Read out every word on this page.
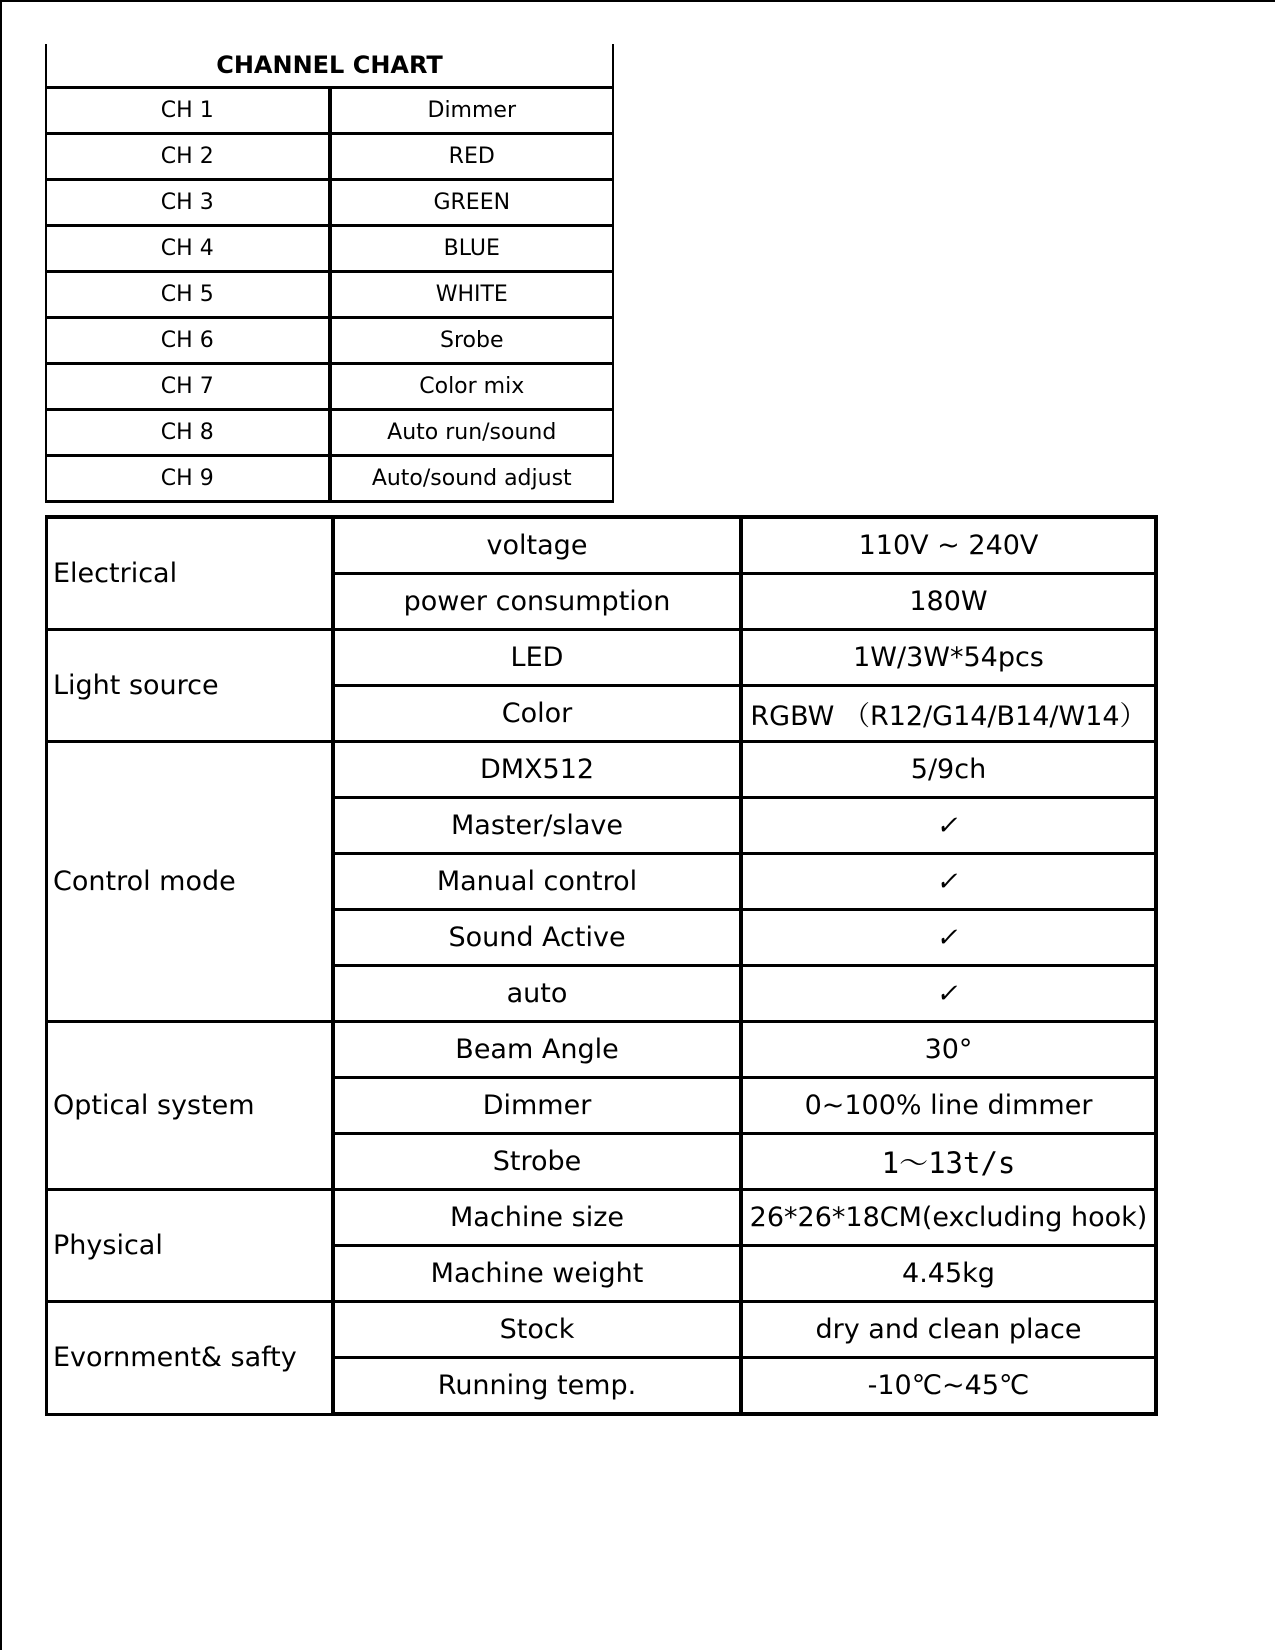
CHANNEL CHART	
CH 1	Dimmer
CH 2	RED
CH 3	GREEN
CH 4	BLUE
CH 5	WHITE
CH 6	Srobe
CH 7	Color mix
CH 8	Auto run/sound
CH 9	Auto/sound adjust
Electrical	voltage	110V ~ 240V
	power consumption	180W
Light source	LED	1W/3W*54pcs
	Color	RGBW （R12/G14/B14/W14）
Control mode	DMX512	5/9ch
	Master/slave	✓
	Manual control	✓
	Sound Active	✓
	auto	✓
Optical system	Beam Angle	30°
	Dimmer	0~100% line dimmer
	Strobe	1～13t/s
Physical	Machine size	26*26*18CM(excluding hook)
	Machine weight	4.45kg
Evornment& safty	Stock	dry and clean place
	Running temp.	-10℃~45℃
